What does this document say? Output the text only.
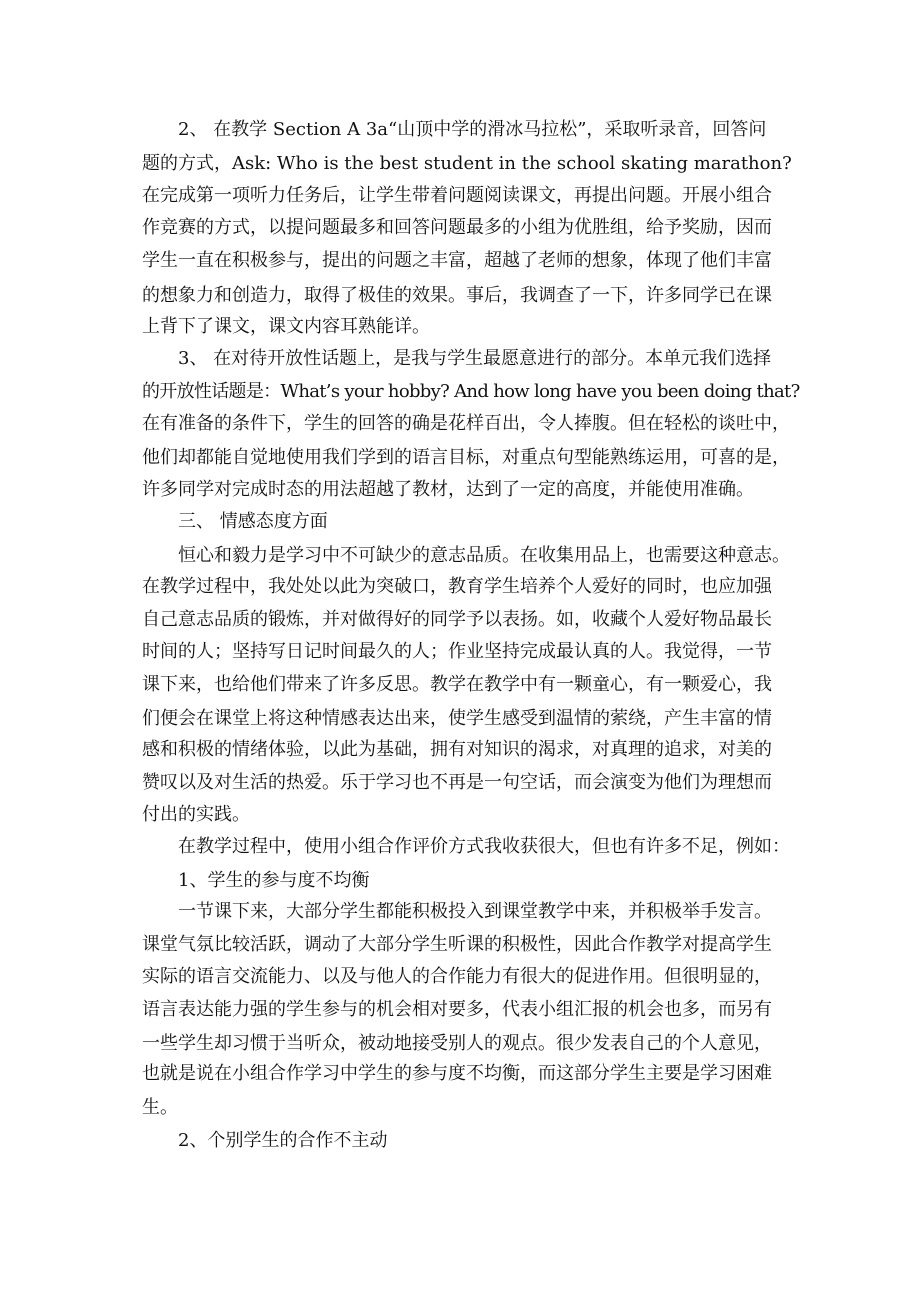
2、 在教学 Section A 3a“山顶中学的滑冰马拉松”，采取听录音，回答问

题的方式，Ask: Who is the best student in the school skating marathon?

在完成第一项听力任务后，让学生带着问题阅读课文，再提出问题。开展小组合

作竞赛的方式，以提问题最多和回答问题最多的小组为优胜组，给予奖励，因而

学生一直在积极参与，提出的问题之丰富，超越了老师的想象，体现了他们丰富

的想象力和创造力，取得了极佳的效果。事后，我调查了一下，许多同学已在课

上背下了课文，课文内容耳熟能详。

3、 在对待开放性话题上，是我与学生最愿意进行的部分。本单元我们选择

的开放性话题是：What’s your hobby? And how long have you been doing that?

在有准备的条件下，学生的回答的确是花样百出，令人捧腹。但在轻松的谈吐中，

他们却都能自觉地使用我们学到的语言目标，对重点句型能熟练运用，可喜的是，

许多同学对完成时态的用法超越了教材，达到了一定的高度，并能使用准确。

三、 情感态度方面

恒心和毅力是学习中不可缺少的意志品质。在收集用品上，也需要这种意志。

在教学过程中，我处处以此为突破口，教育学生培养个人爱好的同时，也应加强

自己意志品质的锻炼，并对做得好的同学予以表扬。如，收藏个人爱好物品最长

时间的人；坚持写日记时间最久的人；作业坚持完成最认真的人。我觉得，一节

课下来，也给他们带来了许多反思。教学在教学中有一颗童心，有一颗爱心，我

们便会在课堂上将这种情感表达出来，使学生感受到温情的萦绕，产生丰富的情

感和积极的情绪体验，以此为基础，拥有对知识的渴求，对真理的追求，对美的

赞叹以及对生活的热爱。乐于学习也不再是一句空话，而会演变为他们为理想而

付出的实践。

在教学过程中，使用小组合作评价方式我收获很大，但也有许多不足，例如：

1、学生的参与度不均衡

一节课下来，大部分学生都能积极投入到课堂教学中来，并积极举手发言。

课堂气氛比较活跃，调动了大部分学生听课的积极性，因此合作教学对提高学生

实际的语言交流能力、以及与他人的合作能力有很大的促进作用。但很明显的，

语言表达能力强的学生参与的机会相对要多，代表小组汇报的机会也多，而另有

一些学生却习惯于当听众，被动地接受别人的观点。很少发表自己的个人意见，

也就是说在小组合作学习中学生的参与度不均衡，而这部分学生主要是学习困难

生。

2、个别学生的合作不主动
